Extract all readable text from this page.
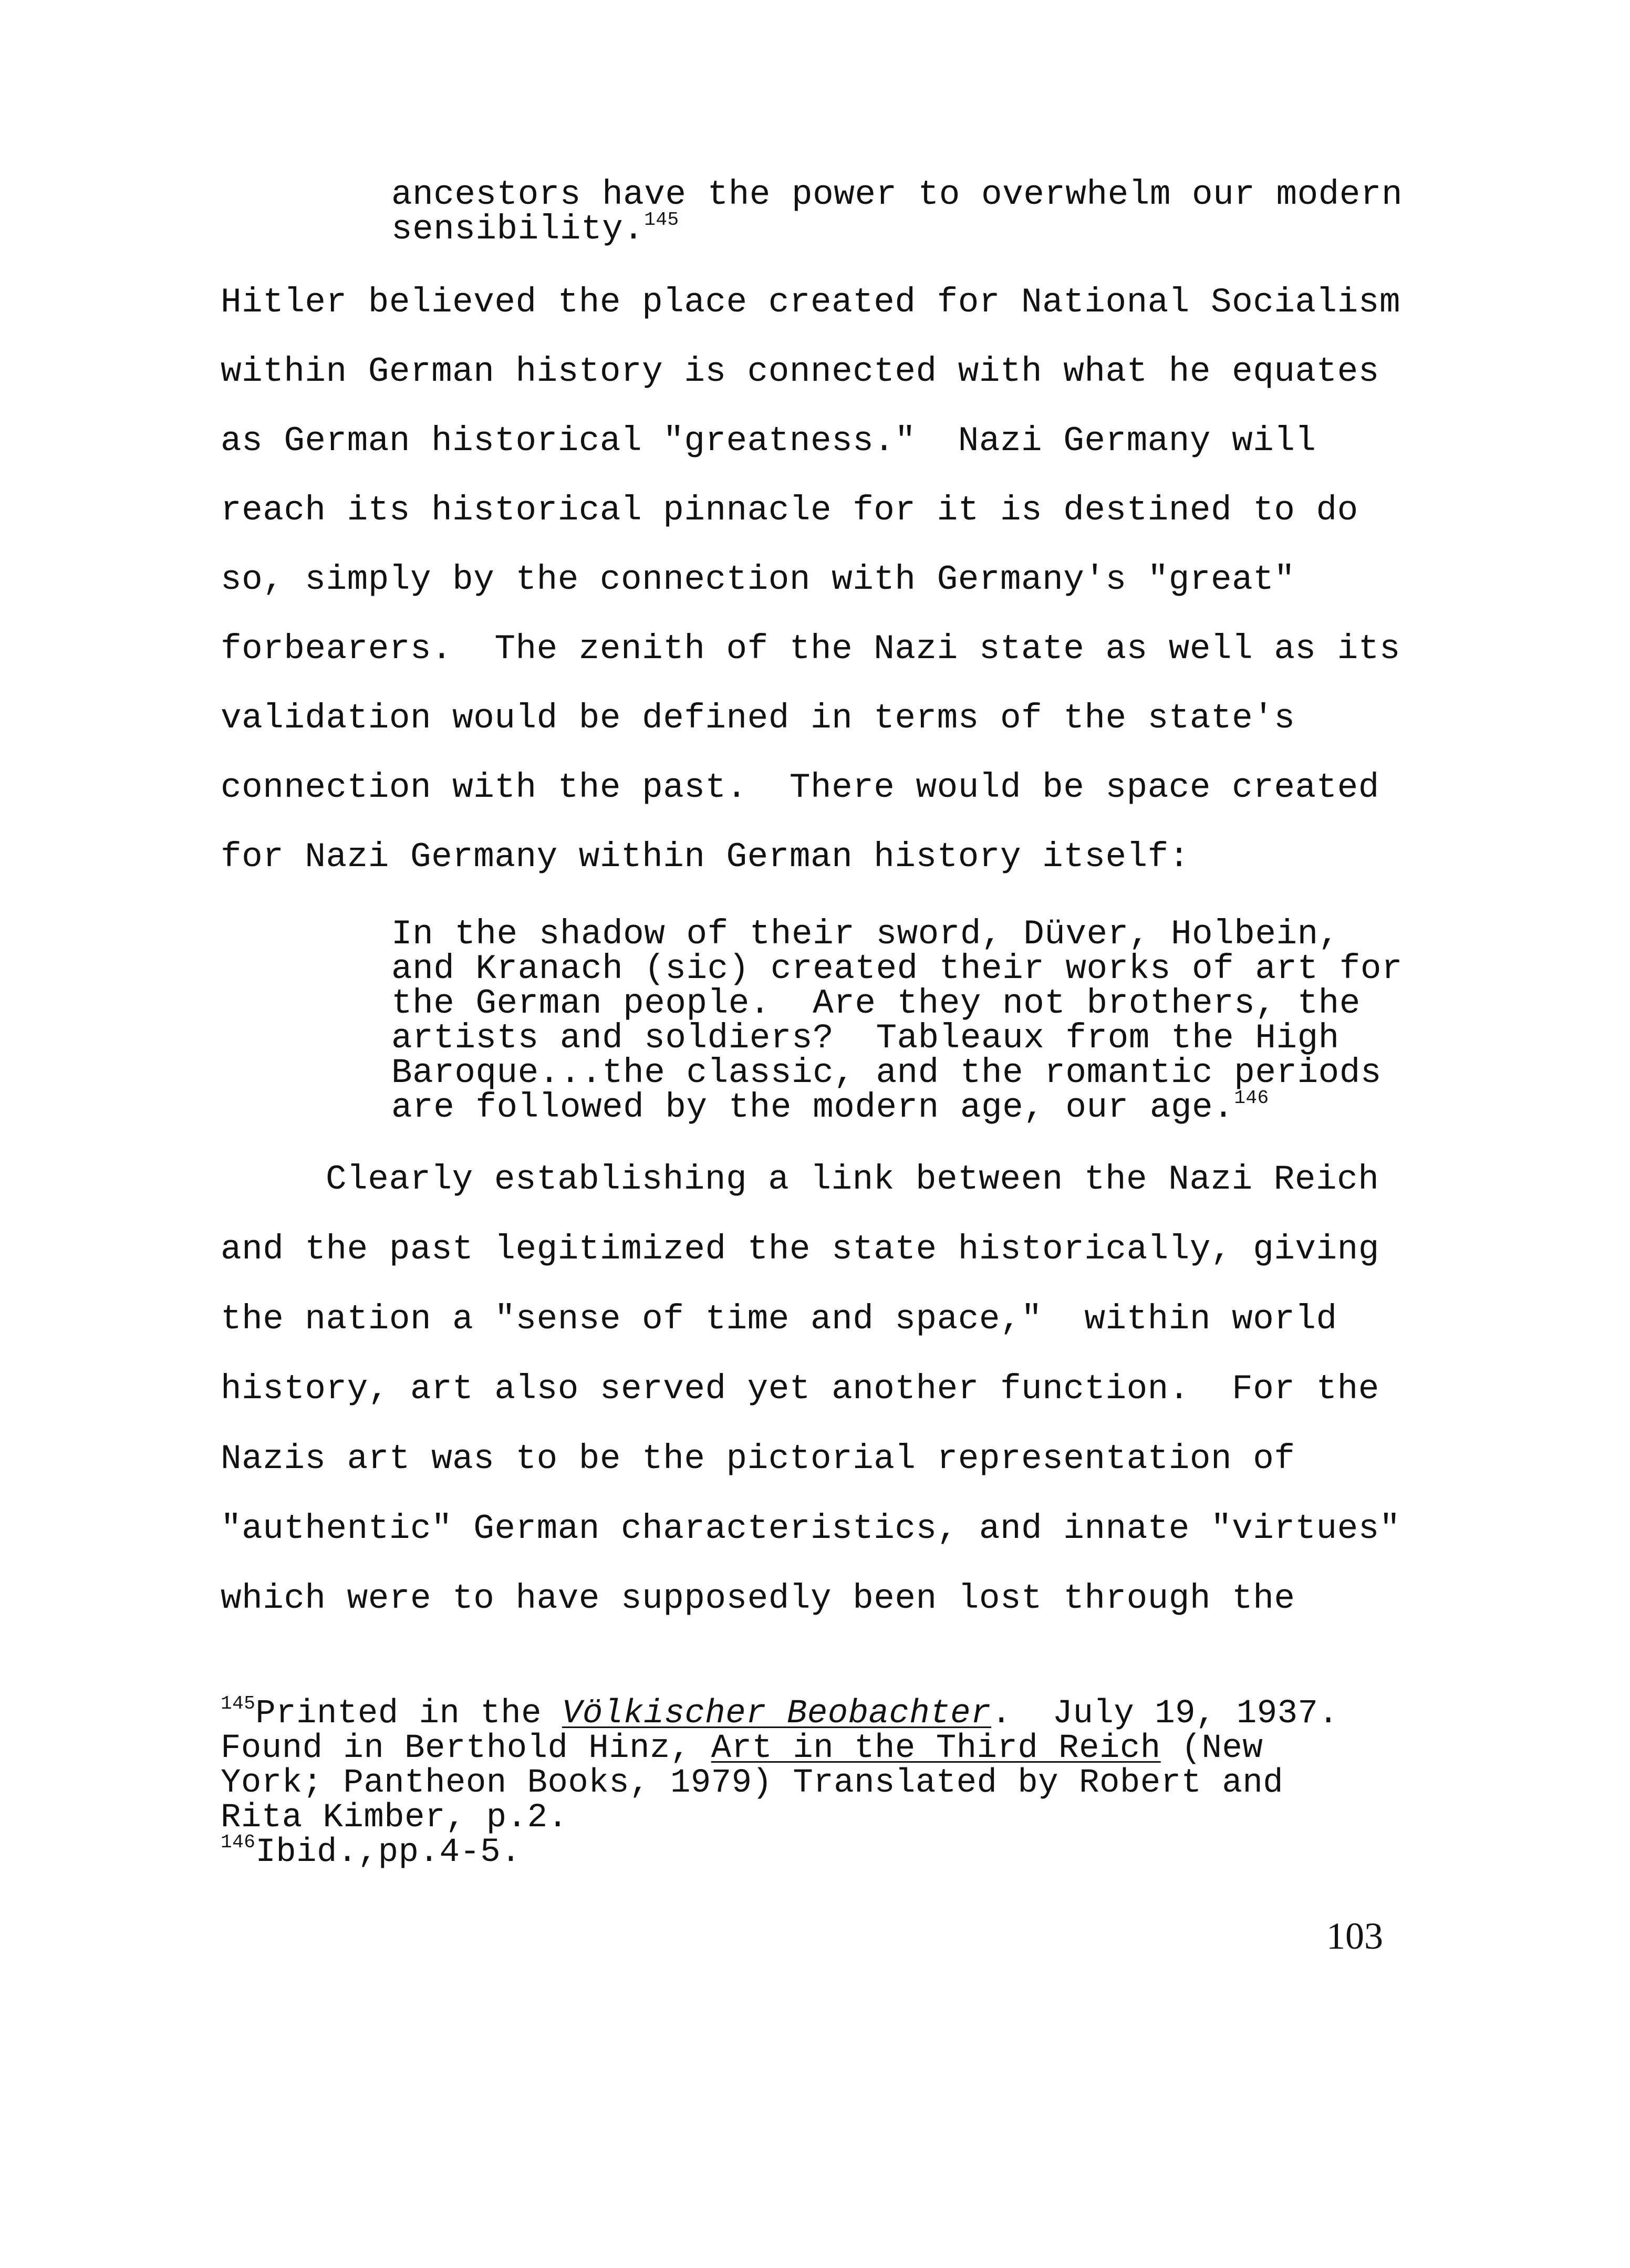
ancestors have the power to overwhelm our modern
sensibility.$^{145}$
Hitler believed the place created for National Socialism
within German history is connected with what he equates
as German historical "greatness."  Nazi Germany will
reach its historical pinnacle for it is destined to do
so, simply by the connection with Germany's "great"
forbearers.  The zenith of the Nazi state as well as its
validation would be defined in terms of the state's
connection with the past.  There would be space created
for Nazi Germany within German history itself:
In the shadow of their sword, Düver, Holbein,
and Kranach (sic) created their works of art for
the German people.  Are they not brothers, the
artists and soldiers?  Tableaux from the High
Baroque...the classic, and the romantic periods
are followed by the modern age, our age.$^{146}$
Clearly establishing a link between the Nazi Reich
and the past legitimized the state historically, giving
the nation a "sense of time and space,"  within world
history, art also served yet another function.  For the
Nazis art was to be the pictorial representation of
"authentic" German characteristics, and innate "virtues"
which were to have supposedly been lost through the
$^{145}$Printed in the Völkischer Beobachter.  July 19, 1937.
Found in Berthold Hinz, Art in the Third Reich (New
York; Pantheon Books, 1979) Translated by Robert and
Rita Kimber, p.2.
$^{146}$Ibid.,pp.4-5.
103
